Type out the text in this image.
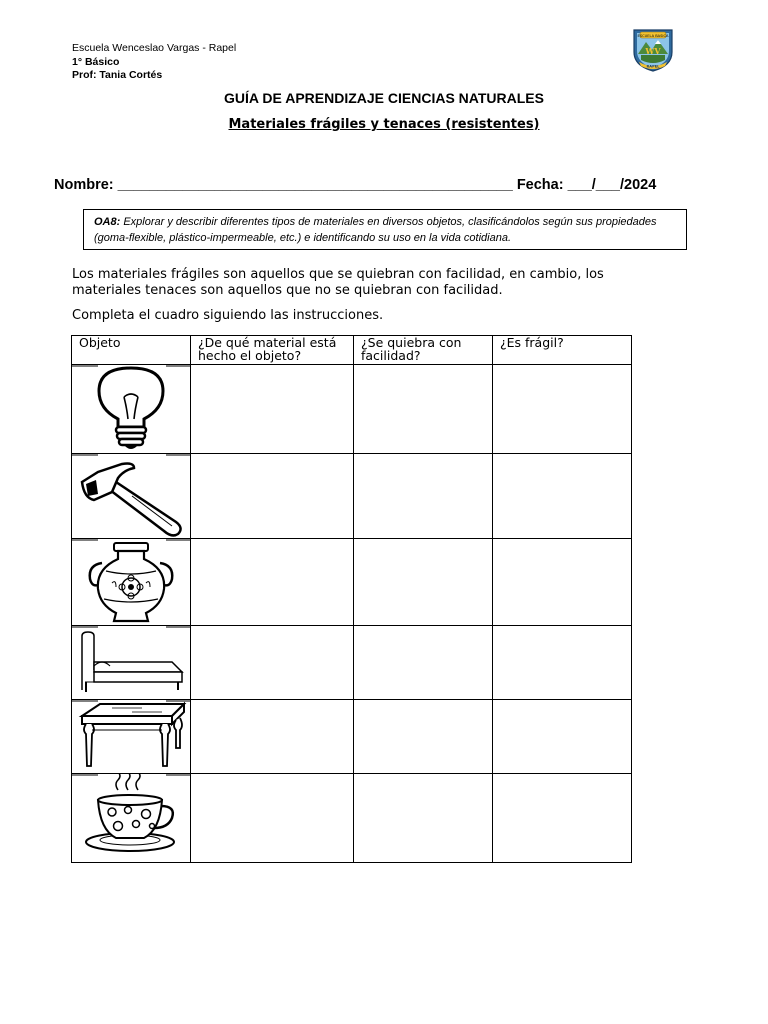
Escuela Wenceslao Vargas - Rapel
1° Básico
Prof: Tania Cortés
ESCUELA BASICA
WV
RAPEL
GUÍA DE APRENDIZAJE CIENCIAS NATURALES
Materiales frágiles y tenaces (resistentes)
Nombre: _________________________________________________ Fecha: ___/___/2024
OA8: Explorar y describir diferentes tipos de materiales en diversos objetos, clasificándolos según sus propiedades (goma-flexible, plástico-impermeable, etc.) e identificando su uso en la vida cotidiana.
Los materiales frágiles son aquellos que se quiebran con facilidad, en cambio, los materiales tenaces son aquellos que no se quiebran con facilidad.
Completa el cuadro siguiendo las instrucciones.
Objeto	¿De qué material está hecho el objeto?	¿Se quiebra con facilidad?	¿Es frágil?
